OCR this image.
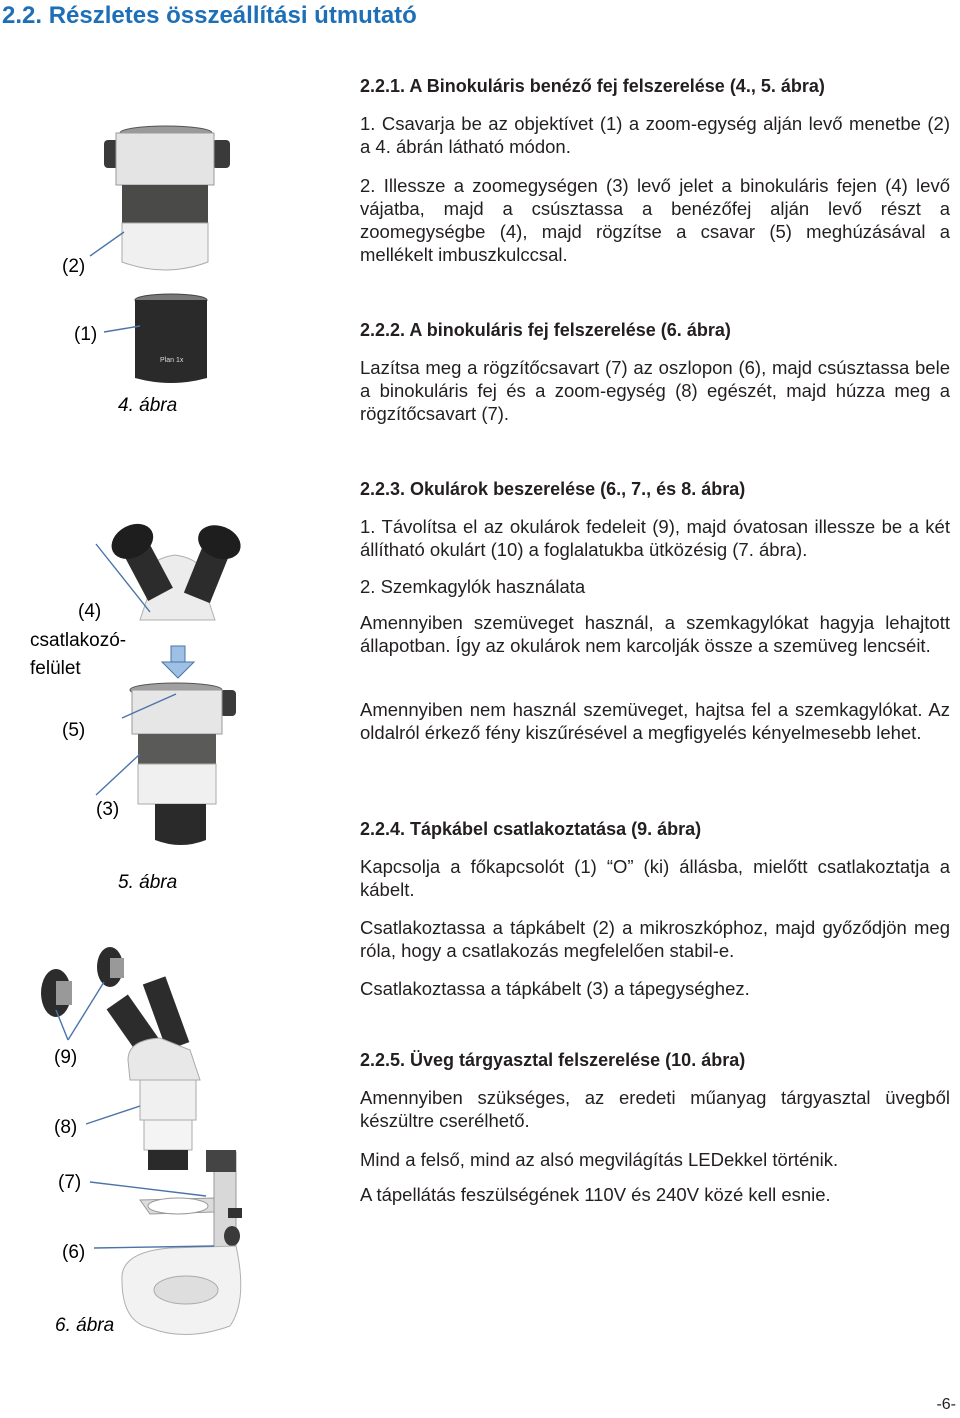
2.2. Részletes összeállítási útmutató
2.2.1. A Binokuláris benéző fej felszerelése (4., 5. ábra)
1. Csavarja be az objektívet (1) a zoom-egység alján levő menetbe (2) a 4. ábrán látható módon.
2. Illessze a zoomegységen (3) levő jelet a binokuláris fejen (4) levő vájatba, majd a csúsztassa a benézőfej alján levő részt a zoomegységbe (4), majd rögzítse a csavar (5) meghúzásával a mellékelt imbuszkulccsal.
2.2.2. A binokuláris fej felszerelése (6. ábra)
Lazítsa meg a rögzítőcsavart (7) az oszlopon (6), majd csúsztassa bele a binokuláris fej és a zoom-egység (8) egészét, majd húzza meg a rögzítőcsavart (7).
2.2.3. Okulárok beszerelése (6., 7., és 8. ábra)
1. Távolítsa el az okulárok fedeleit (9), majd óvatosan illessze be a két állítható okulárt (10) a foglalatukba ütközésig (7. ábra).
2. Szemkagylók használata
Amennyiben szemüveget használ, a szemkagylókat hagyja lehajtott állapotban. Így az okulárok nem karcolják össze a szemüveg lencséit.
Amennyiben nem használ szemüveget, hajtsa fel a szemkagylókat. Az oldalról érkező fény kiszűrésével a megfigyelés kényelmesebb lehet.
2.2.4. Tápkábel csatlakoztatása (9. ábra)
Kapcsolja a főkapcsolót (1) “O” (ki) állásba, mielőtt csatlakoztatja a kábelt.
Csatlakoztassa a tápkábelt (2) a mikroszkóphoz, majd győződjön meg róla, hogy a csatlakozás megfelelően stabil-e.
Csatlakoztassa a tápkábelt (3) a tápegységhez.
2.2.5. Üveg tárgyasztal felszerelése (10. ábra)
Amennyiben szükséges, az eredeti műanyag tárgyasztal üvegből készültre cserélhető.
Mind a felső, mind az alsó megvilágítás LEDekkel történik.
A tápellátás feszülségének 110V és 240V közé kell esnie.
Plan 1x
(2)
(1)
4. ábra
(4)
csatlakozó-
felület
(5)
(3)
5. ábra
(9)
(8)
(7)
(6)
6. ábra
-6-
